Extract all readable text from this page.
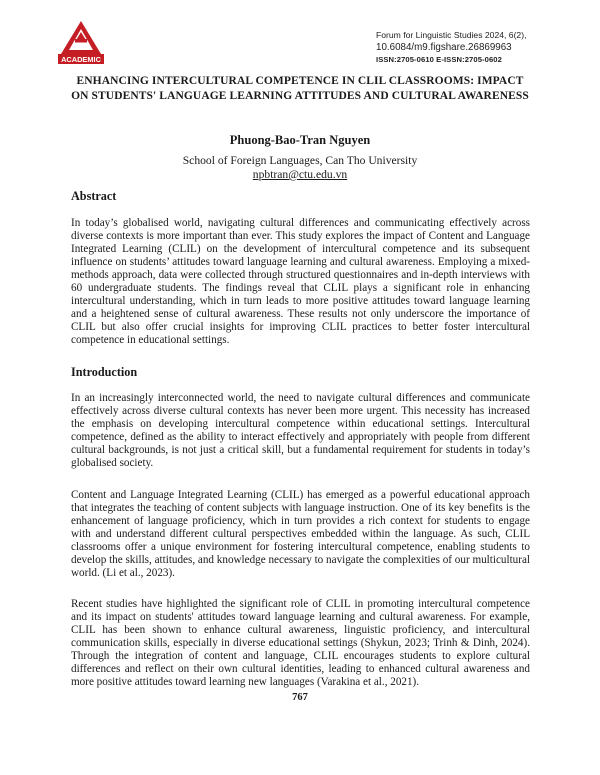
ACADEMIC
Forum for Linguistic Studies 2024, 6(2),
10.6084/m9.figshare.26869963
ISSN:2705-0610 E-ISSN:2705-0602
ENHANCING INTERCULTURAL COMPETENCE IN CLIL CLASSROOMS: IMPACT ON STUDENTS' LANGUAGE LEARNING ATTITUDES AND CULTURAL AWARENESS
Phuong-Bao-Tran Nguyen
School of Foreign Languages, Can Tho University
npbtran@ctu.edu.vn
Abstract

In today’s globalised world, navigating cultural differences and communicating effectively across diverse contexts is more important than ever. This study explores the impact of Content and Language Integrated Learning (CLIL) on the development of intercultural competence and its subsequent influence on students’ attitudes toward language learning and cultural awareness. Employing a mixed-methods approach, data were collected through structured questionnaires and in-depth interviews with 60 undergraduate students. The findings reveal that CLIL plays a significant role in enhancing intercultural understanding, which in turn leads to more positive attitudes toward language learning and a heightened sense of cultural awareness. These results not only underscore the importance of CLIL but also offer crucial insights for improving CLIL practices to better foster intercultural competence in educational settings.

Introduction

In an increasingly interconnected world, the need to navigate cultural differences and communicate effectively across diverse cultural contexts has never been more urgent. This necessity has increased the emphasis on developing intercultural competence within educational settings. Intercultural competence, defined as the ability to interact effectively and appropriately with people from different cultural backgrounds, is not just a critical skill, but a fundamental requirement for students in today’s globalised society.

Content and Language Integrated Learning (CLIL) has emerged as a powerful educational approach that integrates the teaching of content subjects with language instruction. One of its key benefits is the enhancement of language proficiency, which in turn provides a rich context for students to engage with and understand different cultural perspectives embedded within the language. As such, CLIL classrooms offer a unique environment for fostering intercultural competence, enabling students to develop the skills, attitudes, and knowledge necessary to navigate the complexities of our multicultural world. (Li et al., 2023).

Recent studies have highlighted the significant role of CLIL in promoting intercultural competence and its impact on students' attitudes toward language learning and cultural awareness. For example, CLIL has been shown to enhance cultural awareness, linguistic proficiency, and intercultural communication skills, especially in diverse educational settings (Shykun, 2023; Trinh & Dinh, 2024). Through the integration of content and language, CLIL encourages students to explore cultural differences and reflect on their own cultural identities, leading to enhanced cultural awareness and more positive attitudes toward learning new languages (Varakina et al., 2021).

767
